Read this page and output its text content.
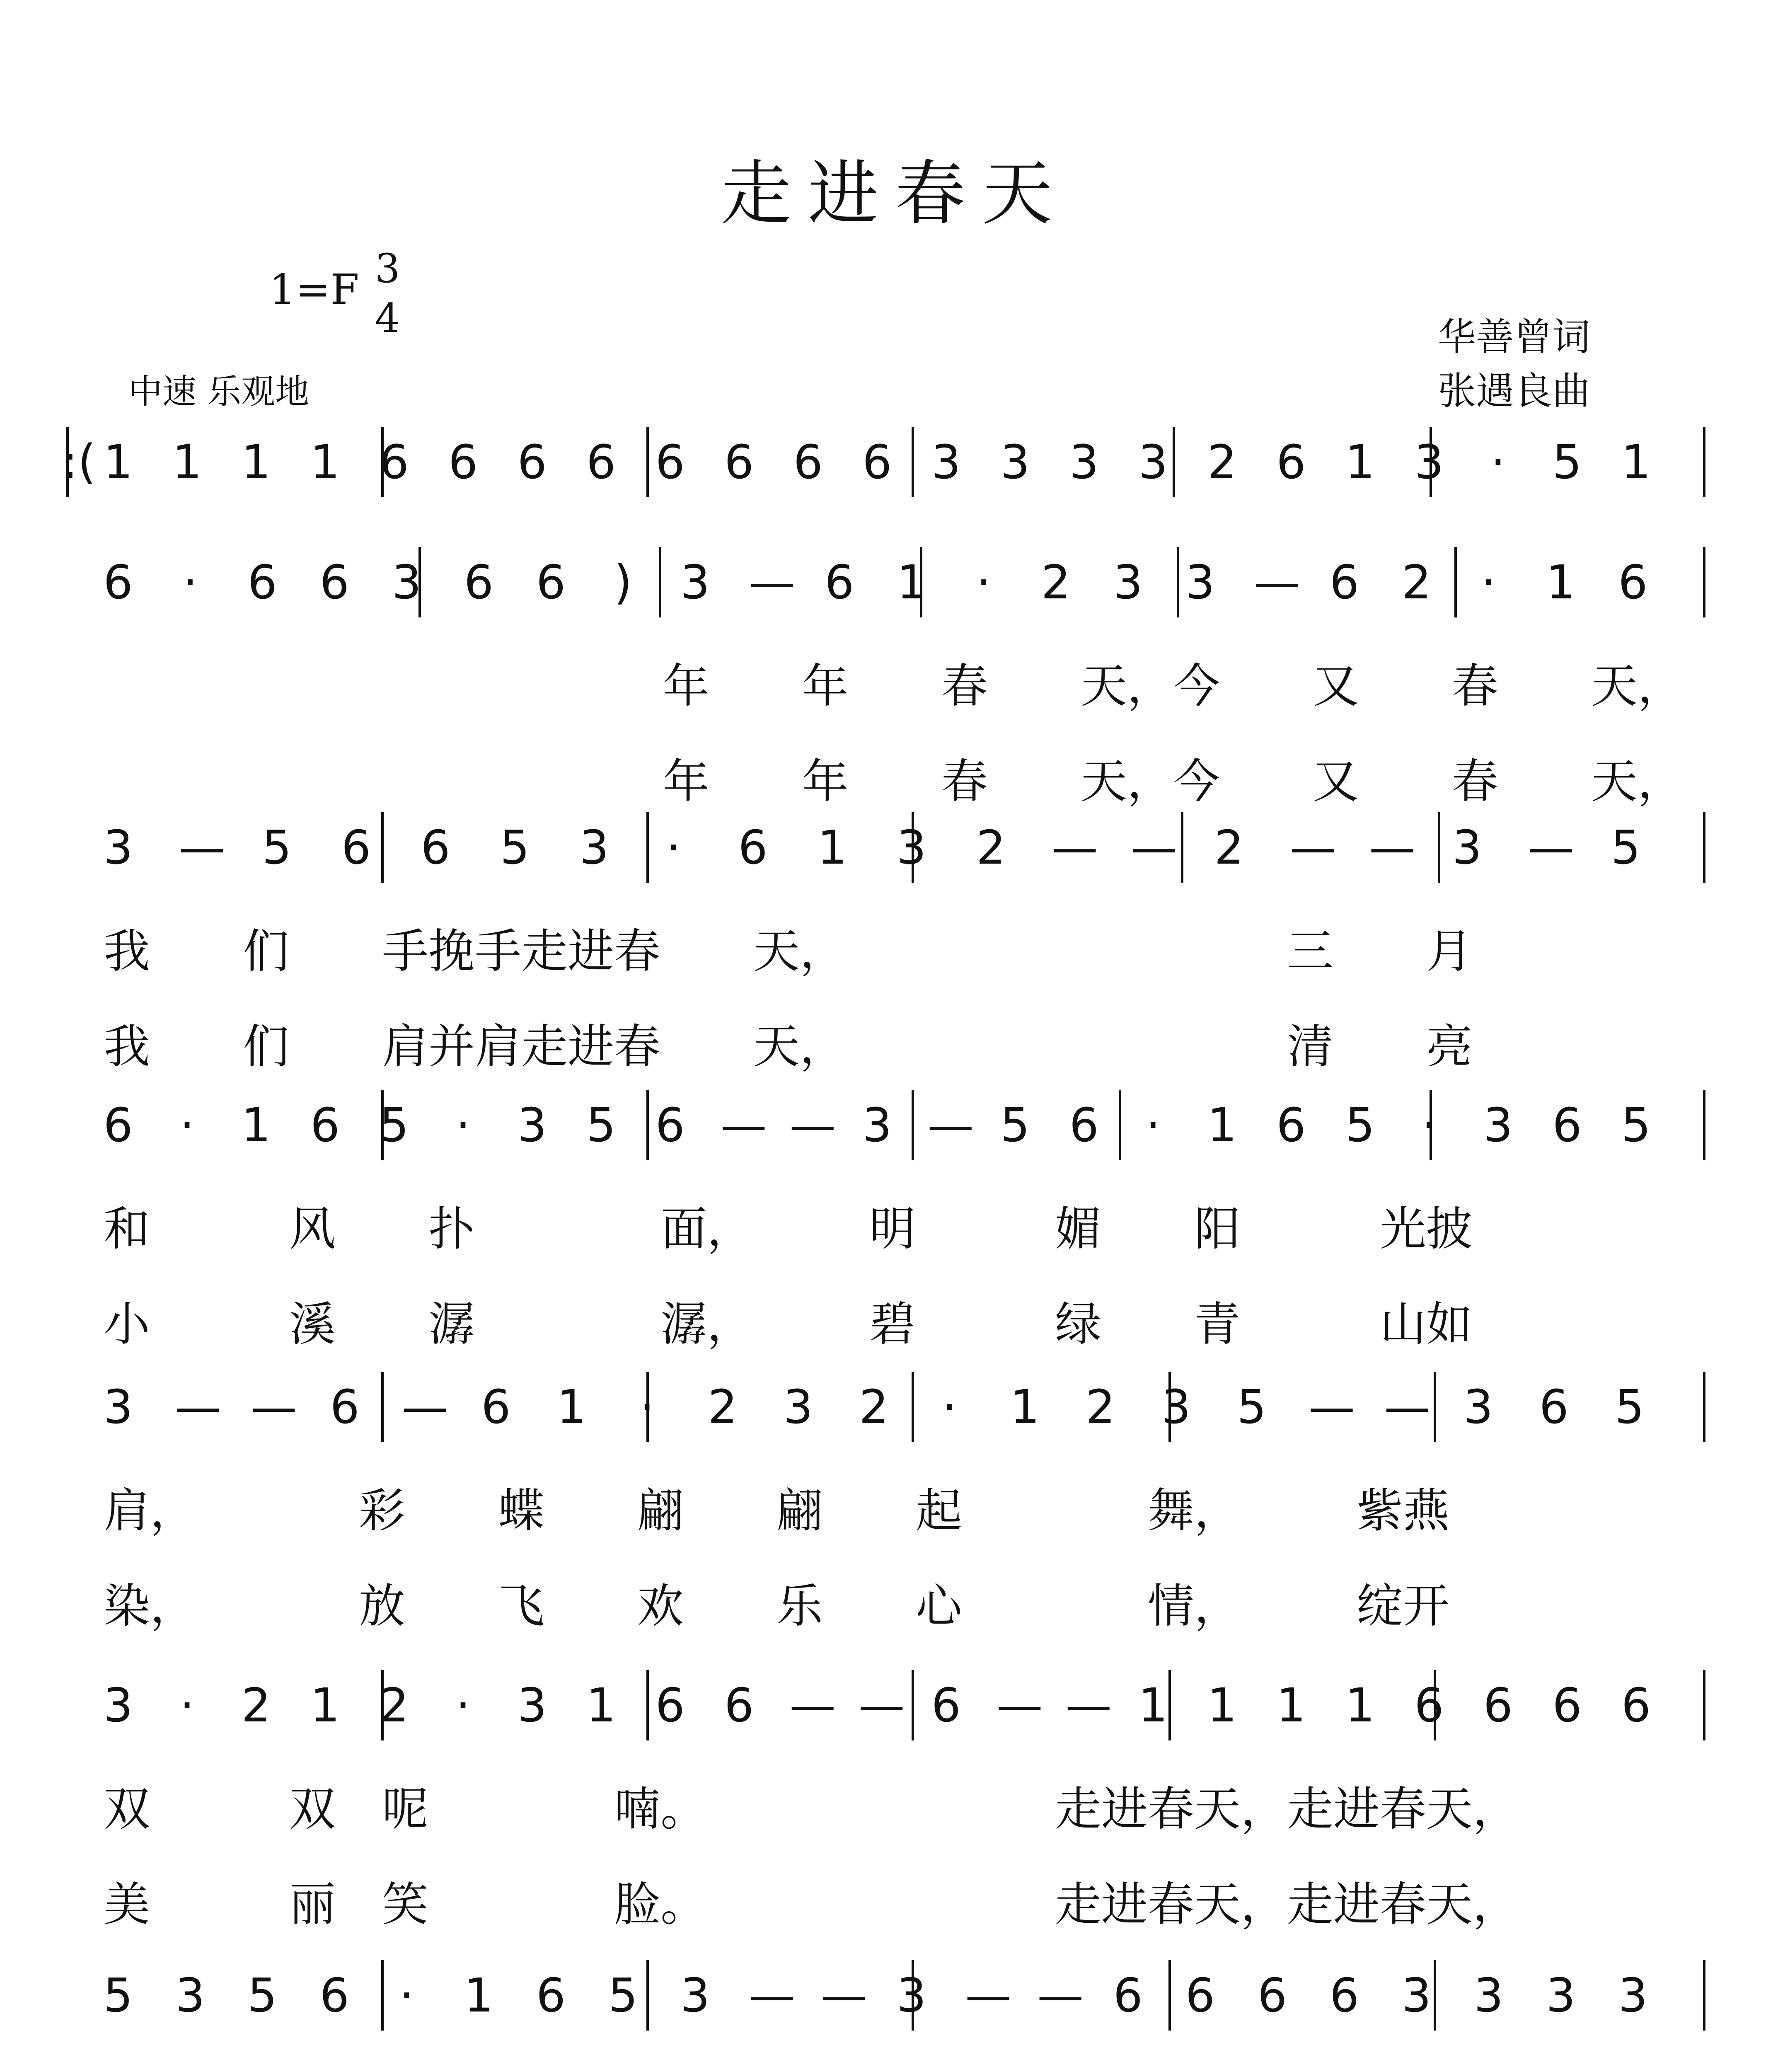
走进春天
1=F 3
4
中速 乐观地
华善曾词
张遇良曲
1 1 1 1 6 6 6 6 6 6 6 6 3 3 3 3 2 6 1 3 · 5 1
6 · 6 6 3 6 6 ) 3 — 6 1 · 2 3 3 — 6 2 · 1 6
年　　年　　春　　天，今　　又　　春　　天，
年　　年　　春　　天，今　　又　　春　　天，
3 — 5 6 6 5 3 · 6 1 3 2 — — 2 — — 3 — 5
我　　们　　手挽手走进春　　天，　　　　　　　　　　三　　月
我　　们　　肩并肩走进春　　天，　　　　　　　　　　清　　亮
6 · 1 6 5 · 3 5 6 — — 3 — 5 6 · 1 6 5 · 3 6 5
和　　　风　　扑　　　　面，　　　明　　　媚　　阳　　　光披
小　　　溪　　潺　　　　潺，　　　碧　　　绿　　青　　　山如
3 — — 6 — 6 1 · 2 3 2 · 1 2 3 5 — — 3 6 5
肩，　　　　彩　　蝶　　翩　　翩　　起　　　　舞，　　　紫燕
染，　　　　放　　飞　　欢　　乐　　心　　　　情，　　　绽开
3 · 2 1 2 · 3 1 6 6 — — 6 — — 1 1 1 1 6 6 6 6
双　　　双　呢　　　　喃。　　　　　　　　走进春天，走进春天，
美　　　丽　笑　　　　脸。　　　　　　　　走进春天，走进春天，
5 3 5 6 · 1 6 5 3 — — 3 — — 6 6 6 6 3 3 3 3
:(
